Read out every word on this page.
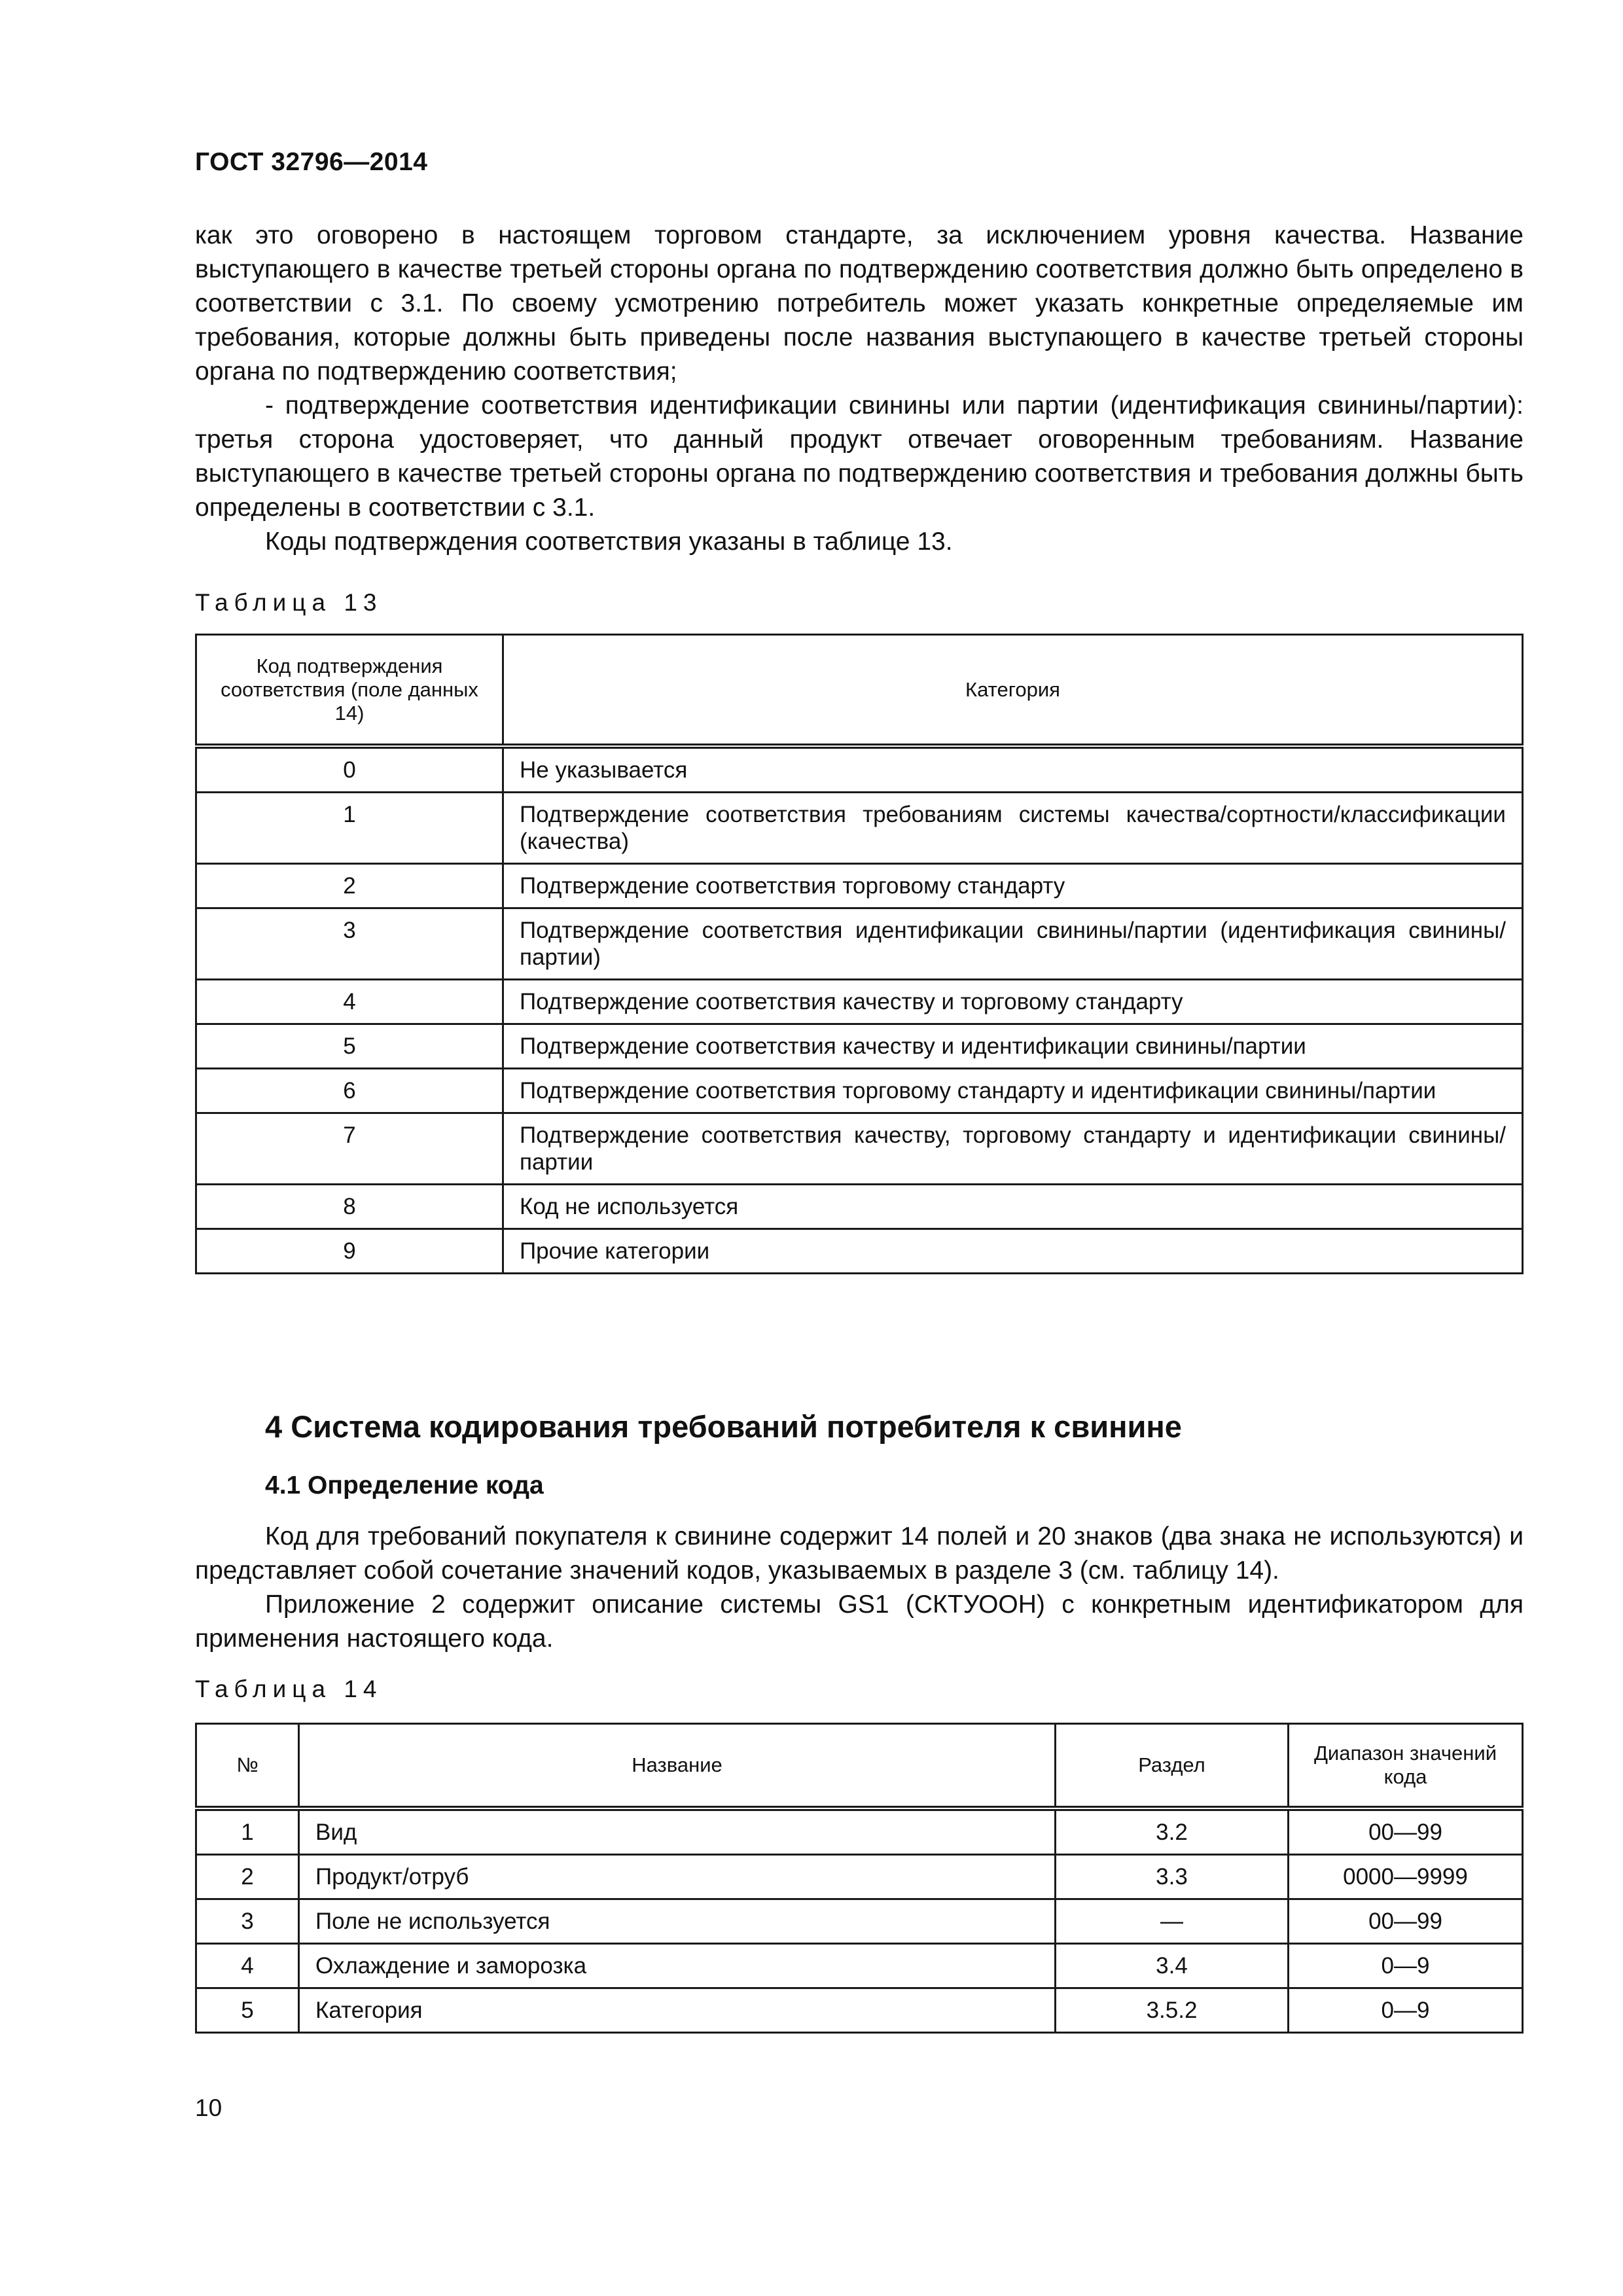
ГОСТ 32796—2014

как это оговорено в настоящем торговом стандарте, за исключением уровня качества. Название выступающего в качестве третьей стороны органа по подтверждению соответствия должно быть определено в соответствии с 3.1. По своему усмотрению потребитель может указать конкретные определяемые им требования, которые должны быть приведены после названия выступающего в качестве третьей стороны органа по подтверждению соответствия;

- подтверждение соответствия идентификации свинины или партии (идентификация свинины/партии): третья сторона удостоверяет, что данный продукт отвечает оговоренным требованиям. Название выступающего в качестве третьей стороны органа по подтверждению соответствия и требования должны быть определены в соответствии с 3.1.

Коды подтверждения соответствия указаны в таблице 13.

Таблица 13
Код подтверждения соответствия (поле данных 14)	Категория
0	Не указывается
1	Подтверждение соответствия требованиям системы качества/сортности/классификации (качества)
2	Подтверждение соответствия торговому стандарту
3	Подтверждение соответствия идентификации свинины/партии (идентификация свинины/партии)
4	Подтверждение соответствия качеству и торговому стандарту
5	Подтверждение соответствия качеству и идентификации свинины/партии
6	Подтверждение соответствия торговому стандарту и идентификации свинины/партии
7	Подтверждение соответствия качеству, торговому стандарту и идентификации свинины/партии
8	Код не используется
9	Прочие категории
4 Система кодирования требований потребителя к свинине
4.1 Определение кода

Код для требований покупателя к свинине содержит 14 полей и 20 знаков (два знака не используются) и представляет собой сочетание значений кодов, указываемых в разделе 3 (см. таблицу 14).

Приложение 2 содержит описание системы GS1 (СКТУООН) с конкретным идентификатором для применения настоящего кода.

Таблица 14
№	Название	Раздел	Диапазон значений кода
1	Вид	3.2	00—99
2	Продукт/отруб	3.3	0000—9999
3	Поле не используется	—	00—99
4	Охлаждение и заморозка	3.4	0—9
5	Категория	3.5.2	0—9
10
